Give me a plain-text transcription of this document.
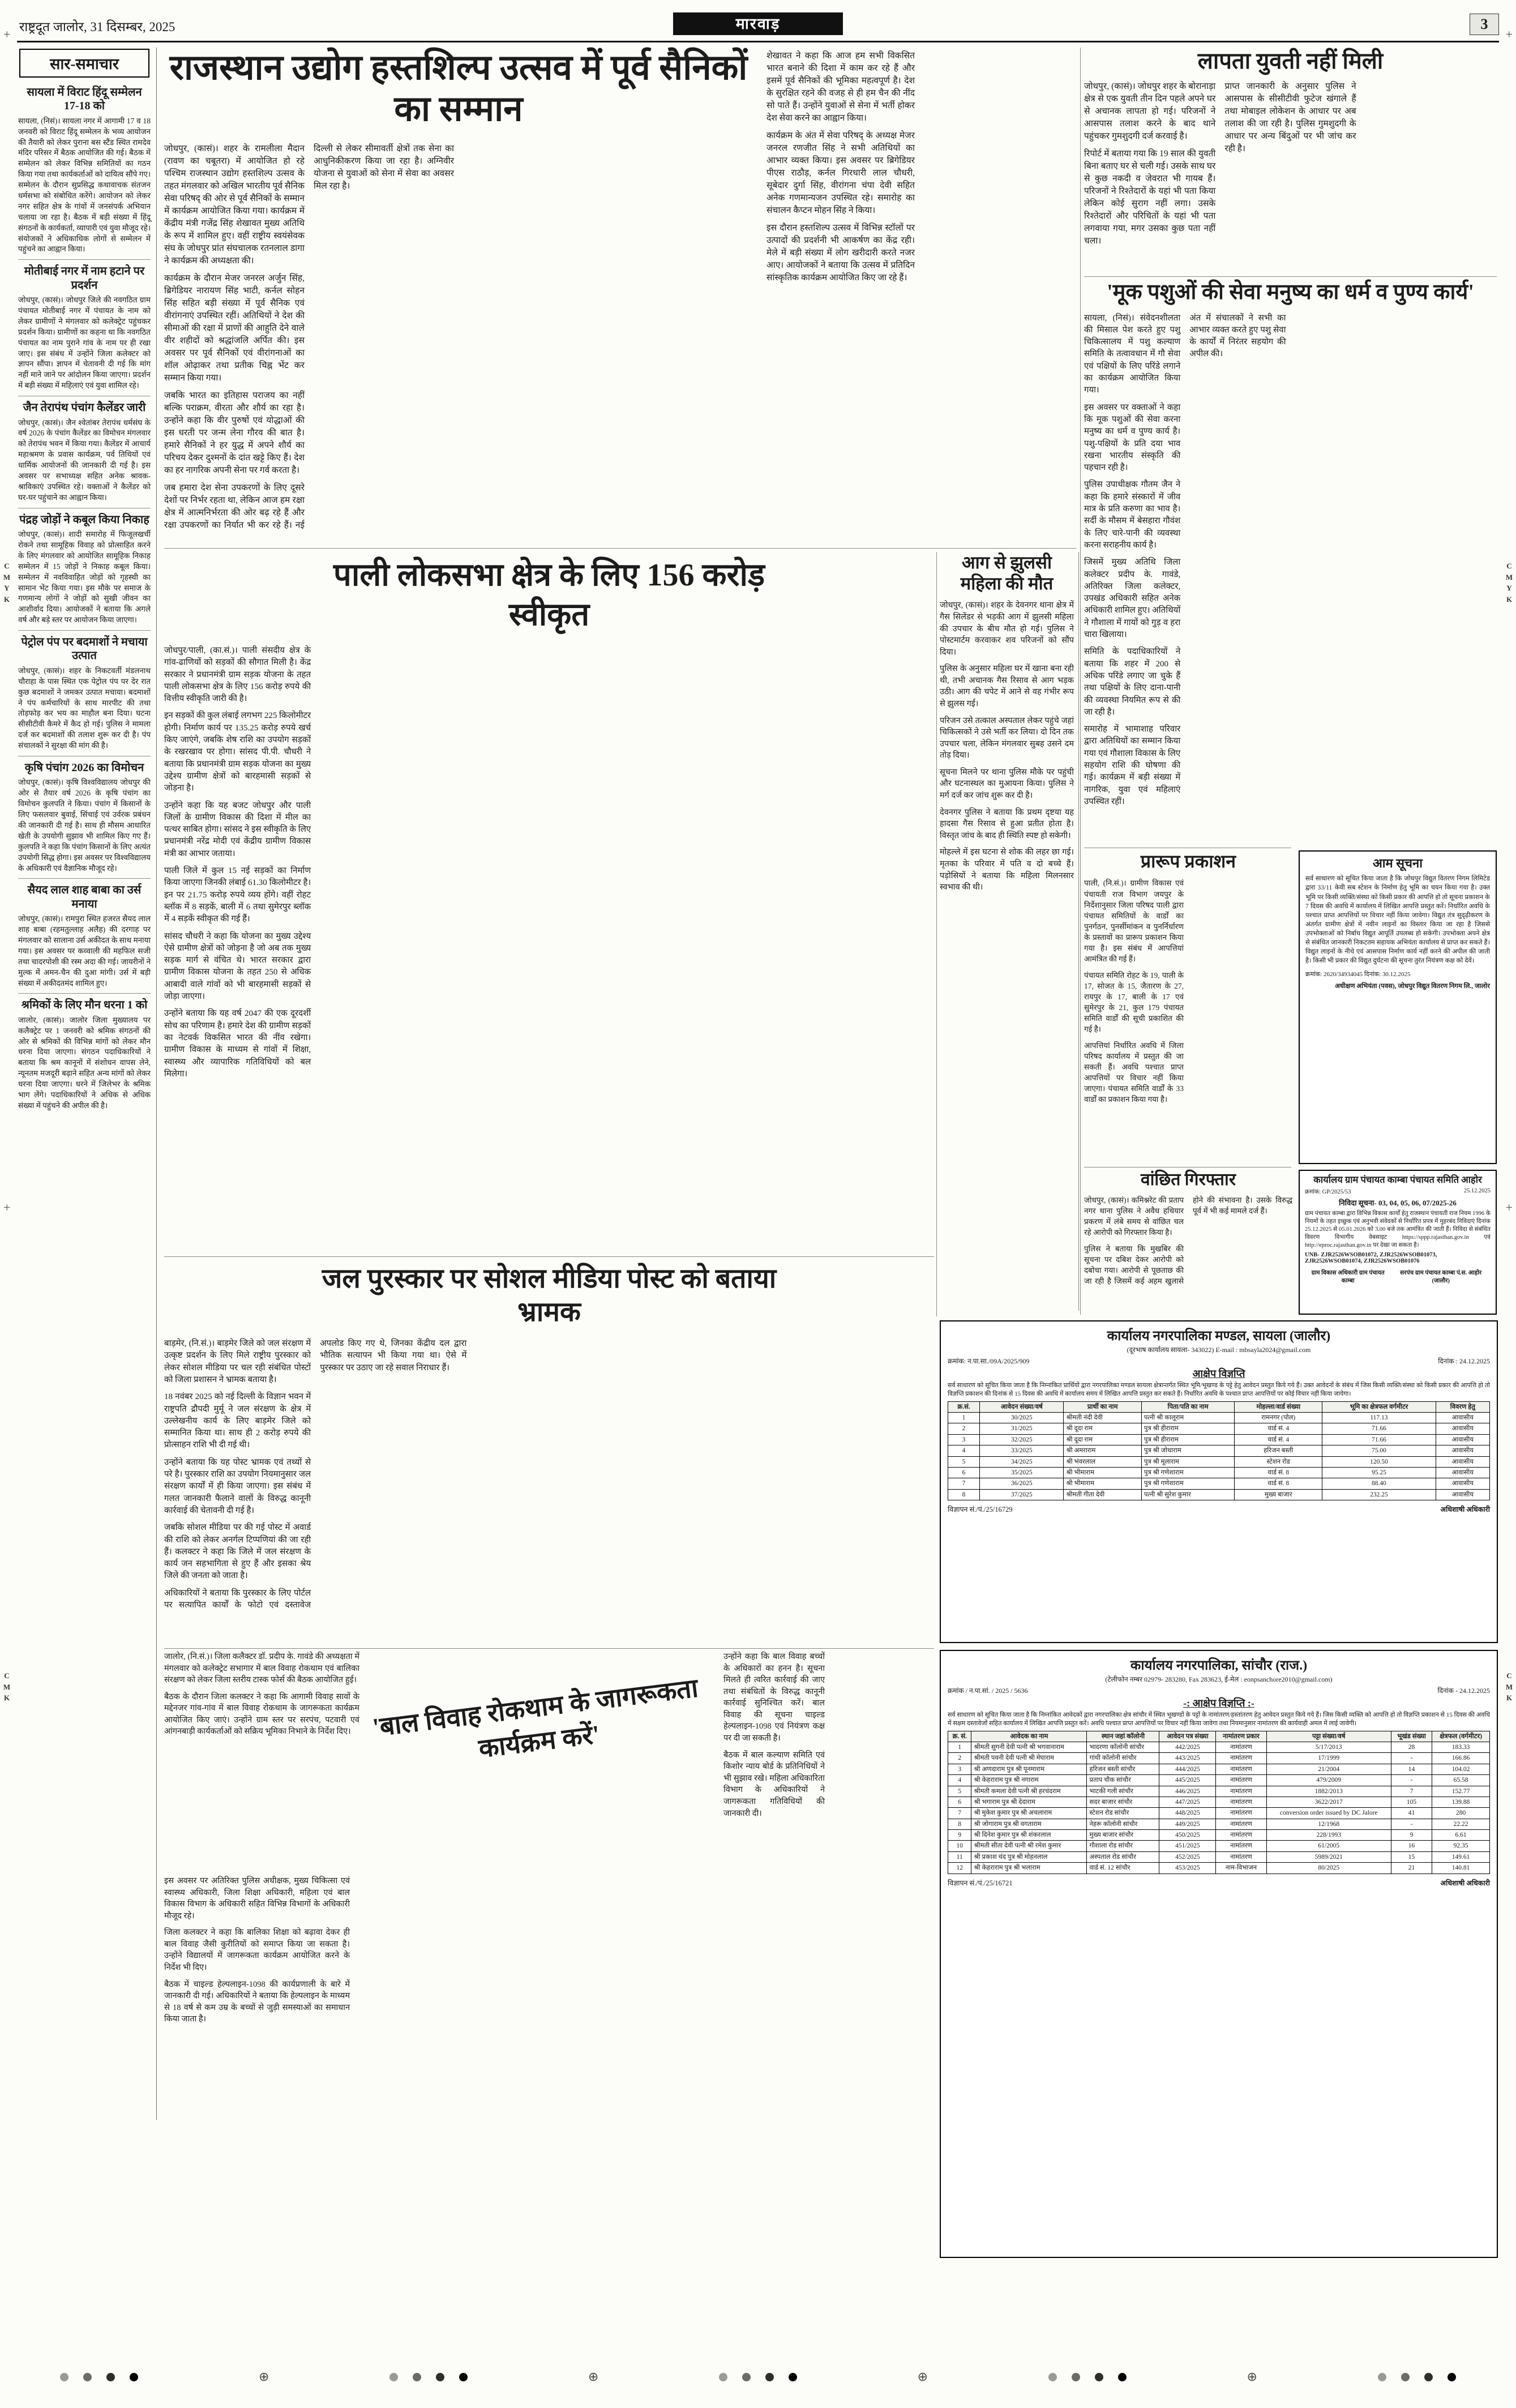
+	+
+	+
C
M
Y
K
C
M
Y
K
C
M
K
C
M
K
राष्ट्रदूत जालोर, 31 दिसम्बर, 2025	मारवाड़	3
सार-समाचार
सायला में विराट हिंदू सम्मेलन 17-18 को

सायला, (निसं)। सायला नगर में आगामी 17 व 18 जनवरी को विराट हिंदू सम्मेलन के भव्य आयोजन की तैयारी को लेकर पुराना बस स्टैंड स्थित रामदेव मंदिर परिसर में बैठक आयोजित की गई। बैठक में सम्मेलन को लेकर विभिन्न समितियों का गठन किया गया तथा कार्यकर्ताओं को दायित्व सौंपे गए। सम्मेलन के दौरान सुप्रसिद्ध कथावाचक संतजन धर्मसभा को संबोधित करेंगे। आयोजन को लेकर नगर सहित क्षेत्र के गांवों में जनसंपर्क अभियान चलाया जा रहा है। बैठक में बड़ी संख्या में हिंदू संगठनों के कार्यकर्ता, व्यापारी एवं युवा मौजूद रहे। संयोजकों ने अधिकाधिक लोगों से सम्मेलन में पहुंचने का आह्वान किया।

मोतीबाई नगर में नाम हटाने पर प्रदर्शन

जोधपुर, (कासं)। जोधपुर जिले की नवगठित ग्राम पंचायत मोतीबाई नगर में पंचायत के नाम को लेकर ग्रामीणों ने मंगलवार को कलेक्ट्रेट पहुंचकर प्रदर्शन किया। ग्रामीणों का कहना था कि नवगठित पंचायत का नाम पुराने गांव के नाम पर ही रखा जाए। इस संबंध में उन्होंने जिला कलेक्टर को ज्ञापन सौंपा। ज्ञापन में चेतावनी दी गई कि मांग नहीं माने जाने पर आंदोलन किया जाएगा। प्रदर्शन में बड़ी संख्या में महिलाएं एवं युवा शामिल रहे।

जैन तेरापंथ पंचांग कैलेंडर जारी

जोधपुर, (कासं)। जैन श्वेतांबर तेरापंथ धर्मसंघ के वर्ष 2026 के पंचांग कैलेंडर का विमोचन मंगलवार को तेरापंथ भवन में किया गया। कैलेंडर में आचार्य महाश्रमण के प्रवास कार्यक्रम, पर्व तिथियों एवं धार्मिक आयोजनों की जानकारी दी गई है। इस अवसर पर सभाध्यक्ष सहित अनेक श्रावक-श्राविकाएं उपस्थित रहे। वक्ताओं ने कैलेंडर को घर-घर पहुंचाने का आह्वान किया।

पंद्रह जोड़ों ने कबूल किया निकाह

जोधपुर, (कासं)। शादी समारोह में फिजूलखर्ची रोकने तथा सामूहिक विवाह को प्रोत्साहित करने के लिए मंगलवार को आयोजित सामूहिक निकाह सम्मेलन में 15 जोड़ों ने निकाह कबूल किया। सम्मेलन में नवविवाहित जोड़ों को गृहस्थी का सामान भेंट किया गया। इस मौके पर समाज के गणमान्य लोगों ने जोड़ों को सुखी जीवन का आशीर्वाद दिया। आयोजकों ने बताया कि अगले वर्ष और बड़े स्तर पर आयोजन किया जाएगा।

पेट्रोल पंप पर बदमाशों ने मचाया उत्पात

जोधपुर, (कासं)। शहर के निकटवर्ती मंडलनाथ चौराहा के पास स्थित एक पेट्रोल पंप पर देर रात कुछ बदमाशों ने जमकर उत्पात मचाया। बदमाशों ने पंप कर्मचारियों के साथ मारपीट की तथा तोड़फोड़ कर भय का माहौल बना दिया। घटना सीसीटीवी कैमरे में कैद हो गई। पुलिस ने मामला दर्ज कर बदमाशों की तलाश शुरू कर दी है। पंप संचालकों ने सुरक्षा की मांग की है।

कृषि पंचांग 2026 का विमोचन

जोधपुर, (कासं)। कृषि विश्वविद्यालय जोधपुर की ओर से तैयार वर्ष 2026 के कृषि पंचांग का विमोचन कुलपति ने किया। पंचांग में किसानों के लिए फसलवार बुवाई, सिंचाई एवं उर्वरक प्रबंधन की जानकारी दी गई है। साथ ही मौसम आधारित खेती के उपयोगी सुझाव भी शामिल किए गए हैं। कुलपति ने कहा कि पंचांग किसानों के लिए अत्यंत उपयोगी सिद्ध होगा। इस अवसर पर विश्वविद्यालय के अधिकारी एवं वैज्ञानिक मौजूद रहे।

सैयद लाल शाह बाबा का उर्स मनाया

जोधपुर, (कासं)। रामपुरा स्थित हजरत सैयद लाल शाह बाबा (रहमतुल्लाह अलैह) की दरगाह पर मंगलवार को सालाना उर्स अकीदत के साथ मनाया गया। इस अवसर पर कव्वाली की महफिल सजी तथा चादरपोशी की रस्म अदा की गई। जायरीनों ने मुल्क में अमन-चैन की दुआ मांगी। उर्स में बड़ी संख्या में अकीदतमंद शामिल हुए।

श्रमिकों के लिए मौन धरना 1 को

जालोर, (कासं)। जालोर जिला मुख्यालय पर कलैक्ट्रेट पर 1 जनवरी को श्रमिक संगठनों की ओर से श्रमिकों की विभिन्न मांगों को लेकर मौन धरना दिया जाएगा। संगठन पदाधिकारियों ने बताया कि श्रम कानूनों में संशोधन वापस लेने, न्यूनतम मजदूरी बढ़ाने सहित अन्य मांगों को लेकर धरना दिया जाएगा। धरने में जिलेभर के श्रमिक भाग लेंगे। पदाधिकारियों ने अधिक से अधिक संख्या में पहुंचने की अपील की है।

राजस्थान उद्योग हस्तशिल्प उत्सव में पूर्व सैनिकों का सम्मान

जोधपुर, (कासं)। शहर के रामलीला मैदान (रावण का चबूतरा) में आयोजित हो रहे पश्चिम राजस्थान उद्योग हस्तशिल्प उत्सव के तहत मंगलवार को अखिल भारतीय पूर्व सैनिक सेवा परिषद् की ओर से पूर्व सैनिकों के सम्मान में कार्यक्रम आयोजित किया गया। कार्यक्रम में केंद्रीय मंत्री गजेंद्र सिंह शेखावत मुख्य अतिथि के रूप में शामिल हुए। वहीं राष्ट्रीय स्वयंसेवक संघ के जोधपुर प्रांत संघचालक रतनलाल डागा ने कार्यक्रम की अध्यक्षता की।

कार्यक्रम के दौरान मेजर जनरल अर्जुन सिंह, ब्रिगेडियर नारायण सिंह भाटी, कर्नल सोहन सिंह सहित बड़ी संख्या में पूर्व सैनिक एवं वीरांगनाएं उपस्थित रहीं। अतिथियों ने देश की सीमाओं की रक्षा में प्राणों की आहुति देने वाले वीर शहीदों को श्रद्धांजलि अर्पित की। इस अवसर पर पूर्व सैनिकों एवं वीरांगनाओं का शॉल ओढ़ाकर तथा प्रतीक चिह्न भेंट कर सम्मान किया गया।

जबकि भारत का इतिहास पराजय का नहीं बल्कि पराक्रम, वीरता और शौर्य का रहा है। उन्होंने कहा कि वीर पुरुषों एवं योद्धाओं की इस धरती पर जन्म लेना गौरव की बात है। हमारे सैनिकों ने हर युद्ध में अपने शौर्य का परिचय देकर दुश्मनों के दांत खट्टे किए हैं। देश का हर नागरिक अपनी सेना पर गर्व करता है।

जब हमारा देश सेना उपकरणों के लिए दूसरे देशों पर निर्भर रहता था, लेकिन आज हम रक्षा क्षेत्र में आत्मनिर्भरता की ओर बढ़ रहे हैं और रक्षा उपकरणों का निर्यात भी कर रहे हैं। नई दिल्ली से लेकर सीमावर्ती क्षेत्रों तक सेना का आधुनिकीकरण किया जा रहा है। अग्निवीर योजना से युवाओं को सेना में सेवा का अवसर मिल रहा है।

शेखावत ने कहा कि आज हम सभी विकसित भारत बनाने की दिशा में काम कर रहे हैं और इसमें पूर्व सैनिकों की भूमिका महत्वपूर्ण है। देश के सुरक्षित रहने की वजह से ही हम चैन की नींद सो पाते हैं। उन्होंने युवाओं से सेना में भर्ती होकर देश सेवा करने का आह्वान किया।

कार्यक्रम के अंत में सेवा परिषद् के अध्यक्ष मेजर जनरल रणजीत सिंह ने सभी अतिथियों का आभार व्यक्त किया। इस अवसर पर ब्रिगेडियर पीएस राठौड़, कर्नल गिरधारी लाल चौधरी, सूबेदार दुर्गा सिंह, वीरांगना चंपा देवी सहित अनेक गणमान्यजन उपस्थित रहे। समारोह का संचालन कैप्टन मोहन सिंह ने किया।

इस दौरान हस्तशिल्प उत्सव में विभिन्न स्टॉलों पर उत्पादों की प्रदर्शनी भी आकर्षण का केंद्र रही। मेले में बड़ी संख्या में लोग खरीदारी करते नजर आए। आयोजकों ने बताया कि उत्सव में प्रतिदिन सांस्कृतिक कार्यक्रम आयोजित किए जा रहे हैं।

लापता युवती नहीं मिली

जोधपुर, (कासं)। जोधपुर शहर के बोरानाड़ा क्षेत्र से एक युवती तीन दिन पहले अपने घर से अचानक लापता हो गई। परिजनों ने आसपास तलाश करने के बाद थाने पहुंचकर गुमशुदगी दर्ज करवाई है।

रिपोर्ट में बताया गया कि 19 साल की युवती बिना बताए घर से चली गई। उसके साथ घर से कुछ नकदी व जेवरात भी गायब हैं। परिजनों ने रिश्तेदारों के यहां भी पता किया लेकिन कोई सुराग नहीं लगा। उसके रिश्तेदारों और परिचितों के यहां भी पता लगवाया गया, मगर उसका कुछ पता नहीं चला।

प्राप्त जानकारी के अनुसार पुलिस ने आसपास के सीसीटीवी फुटेज खंगाले हैं तथा मोबाइल लोकेशन के आधार पर अब तलाश की जा रही है। पुलिस गुमशुदगी के आधार पर अन्य बिंदुओं पर भी जांच कर रही है।

'मूक पशुओं की सेवा मनुष्य का धर्म व पुण्य कार्य'

सायला, (निसं)। संवेदनशीलता की मिसाल पेश करते हुए पशु चिकित्सालय में पशु कल्याण समिति के तत्वावधान में गौ सेवा एवं पक्षियों के लिए परिंडे लगाने का कार्यक्रम आयोजित किया गया।

इस अवसर पर वक्ताओं ने कहा कि मूक पशुओं की सेवा करना मनुष्य का धर्म व पुण्य कार्य है। पशु-पक्षियों के प्रति दया भाव रखना भारतीय संस्कृति की पहचान रही है।

पुलिस उपाधीक्षक गौतम जैन ने कहा कि हमारे संस्कारों में जीव मात्र के प्रति करुणा का भाव है। सर्दी के मौसम में बेसहारा गौवंश के लिए चारे-पानी की व्यवस्था करना सराहनीय कार्य है।

जिसमें मुख्य अतिथि जिला कलेक्टर प्रदीप के. गावंडे, अतिरिक्त जिला कलेक्टर, उपखंड अधिकारी सहित अनेक अधिकारी शामिल हुए। अतिथियों ने गौशाला में गायों को गुड़ व हरा चारा खिलाया।

समिति के पदाधिकारियों ने बताया कि शहर में 200 से अधिक परिंडे लगाए जा चुके हैं तथा पक्षियों के लिए दाना-पानी की व्यवस्था नियमित रूप से की जा रही है।

समारोह में भामाशाह परिवार द्वारा अतिथियों का सम्मान किया गया एवं गौशाला विकास के लिए सहयोग राशि की घोषणा की गई। कार्यक्रम में बड़ी संख्या में नागरिक, युवा एवं महिलाएं उपस्थित रहीं।

अंत में संचालकों ने सभी का आभार व्यक्त करते हुए पशु सेवा के कार्यों में निरंतर सहयोग की अपील की।

आग से झुलसी महिला की मौत

जोधपुर, (कासं)। शहर के देवनगर थाना क्षेत्र में गैस सिलेंडर से भड़की आग में झुलसी महिला की उपचार के बीच मौत हो गई। पुलिस ने पोस्टमार्टम करवाकर शव परिजनों को सौंप दिया।

पुलिस के अनुसार महिला घर में खाना बना रही थी, तभी अचानक गैस रिसाव से आग भड़क उठी। आग की चपेट में आने से वह गंभीर रूप से झुलस गई।

परिजन उसे तत्काल अस्पताल लेकर पहुंचे जहां चिकित्सकों ने उसे भर्ती कर लिया। दो दिन तक उपचार चला, लेकिन मंगलवार सुबह उसने दम तोड़ दिया।

सूचना मिलने पर थाना पुलिस मौके पर पहुंची और घटनास्थल का मुआयना किया। पुलिस ने मर्ग दर्ज कर जांच शुरू कर दी है।

देवनगर पुलिस ने बताया कि प्रथम दृष्टया यह हादसा गैस रिसाव से हुआ प्रतीत होता है। विस्तृत जांच के बाद ही स्थिति स्पष्ट हो सकेगी।

मोहल्ले में इस घटना से शोक की लहर छा गई। मृतका के परिवार में पति व दो बच्चे हैं। पड़ोसियों ने बताया कि महिला मिलनसार स्वभाव की थी।

पाली लोकसभा क्षेत्र के लिए 156 करोड़ स्वीकृत

जोधपुर/पाली, (का.सं.)। पाली संसदीय क्षेत्र के गांव-ढाणियों को सड़कों की सौगात मिली है। केंद्र सरकार ने प्रधानमंत्री ग्राम सड़क योजना के तहत पाली लोकसभा क्षेत्र के लिए 156 करोड़ रुपये की वित्तीय स्वीकृति जारी की है।

इन सड़कों की कुल लंबाई लगभग 225 किलोमीटर होगी। निर्माण कार्य पर 135.25 करोड़ रुपये खर्च किए जाएंगे, जबकि शेष राशि का उपयोग सड़कों के रखरखाव पर होगा। सांसद पी.पी. चौधरी ने बताया कि प्रधानमंत्री ग्राम सड़क योजना का मुख्य उद्देश्य ग्रामीण क्षेत्रों को बारहमासी सड़कों से जोड़ना है।

उन्होंने कहा कि यह बजट जोधपुर और पाली जिलों के ग्रामीण विकास की दिशा में मील का पत्थर साबित होगा। सांसद ने इस स्वीकृति के लिए प्रधानमंत्री नरेंद्र मोदी एवं केंद्रीय ग्रामीण विकास मंत्री का आभार जताया।

पाली जिले में कुल 15 नई सड़कों का निर्माण किया जाएगा जिनकी लंबाई 61.30 किलोमीटर है। इन पर 21.75 करोड़ रुपये व्यय होंगे। वहीं रोहट ब्लॉक में 8 सड़कें, बाली में 6 तथा सुमेरपुर ब्लॉक में 4 सड़कें स्वीकृत की गई हैं।

सांसद चौधरी ने कहा कि योजना का मुख्य उद्देश्य ऐसे ग्रामीण क्षेत्रों को जोड़ना है जो अब तक मुख्य सड़क मार्ग से वंचित थे। भारत सरकार द्वारा ग्रामीण विकास योजना के तहत 250 से अधिक आबादी वाले गांवों को भी बारहमासी सड़कों से जोड़ा जाएगा।

उन्होंने बताया कि यह वर्ष 2047 की एक दूरदर्शी सोच का परिणाम है। हमारे देश की ग्रामीण सड़कों का नेटवर्क विकसित भारत की नींव रखेगा। ग्रामीण विकास के माध्यम से गांवों में शिक्षा, स्वास्थ्य और व्यापारिक गतिविधियों को बल मिलेगा।

जल पुरस्कार पर सोशल मीडिया पोस्ट को बताया भ्रामक

बाड़मेर, (नि.सं.)। बाड़मेर जिले को जल संरक्षण में उत्कृष्ट प्रदर्शन के लिए मिले राष्ट्रीय पुरस्कार को लेकर सोशल मीडिया पर चल रही संबंधित पोस्टों को जिला प्रशासन ने भ्रामक बताया है।

18 नवंबर 2025 को नई दिल्ली के विज्ञान भवन में राष्ट्रपति द्रौपदी मुर्मू ने जल संरक्षण के क्षेत्र में उल्लेखनीय कार्य के लिए बाड़मेर जिले को सम्मानित किया था। साथ ही 2 करोड़ रुपये की प्रोत्साहन राशि भी दी गई थी।

उन्होंने बताया कि यह पोस्ट भ्रामक एवं तथ्यों से परे है। पुरस्कार राशि का उपयोग नियमानुसार जल संरक्षण कार्यों में ही किया जाएगा। इस संबंध में गलत जानकारी फैलाने वालों के विरुद्ध कानूनी कार्रवाई की चेतावनी दी गई है।

जबकि सोशल मीडिया पर की गई पोस्ट में अवार्ड की राशि को लेकर अनर्गल टिप्पणियां की जा रही हैं। कलक्टर ने कहा कि जिले में जल संरक्षण के कार्य जन सहभागिता से हुए हैं और इसका श्रेय जिले की जनता को जाता है।

अधिकारियों ने बताया कि पुरस्कार के लिए पोर्टल पर सत्यापित कार्यों के फोटो एवं दस्तावेज अपलोड किए गए थे, जिनका केंद्रीय दल द्वारा भौतिक सत्यापन भी किया गया था। ऐसे में पुरस्कार पर उठाए जा रहे सवाल निराधार हैं।

जालोर, (नि.सं.)। जिला कलैक्टर डॉ. प्रदीप के. गावंडे की अध्यक्षता में मंगलवार को कलेक्ट्रेट सभागार में बाल विवाह रोकथाम एवं बालिका संरक्षण को लेकर जिला स्तरीय टास्क फोर्स की बैठक आयोजित हुई।

बैठक के दौरान जिला कलक्टर ने कहा कि आगामी विवाह सावों के मद्देनजर गांव-गांव में बाल विवाह रोकथाम के जागरूकता कार्यक्रम आयोजित किए जाएं। उन्होंने ग्राम स्तर पर सरपंच, पटवारी एवं आंगनबाड़ी कार्यकर्ताओं को सक्रिय भूमिका निभाने के निर्देश दिए। 'बाल विवाह रोकथाम के जागरूकता कार्यक्रम करें'

उन्होंने कहा कि बाल विवाह बच्चों के अधिकारों का हनन है। सूचना मिलते ही त्वरित कार्रवाई की जाए तथा संबंधितों के विरुद्ध कानूनी कार्रवाई सुनिश्चित करें। बाल विवाह की सूचना चाइल्ड हेल्पलाइन-1098 एवं नियंत्रण कक्ष पर दी जा सकती है।

बैठक में बाल कल्याण समिति एवं किशोर न्याय बोर्ड के प्रतिनिधियों ने भी सुझाव रखे। महिला अधिकारिता विभाग के अधिकारियों ने जागरूकता गतिविधियों की जानकारी दी।

इस अवसर पर अतिरिक्त पुलिस अधीक्षक, मुख्य चिकित्सा एवं स्वास्थ्य अधिकारी, जिला शिक्षा अधिकारी, महिला एवं बाल विकास विभाग के अधिकारी सहित विभिन्न विभागों के अधिकारी मौजूद रहे।

जिला कलक्टर ने कहा कि बालिका शिक्षा को बढ़ावा देकर ही बाल विवाह जैसी कुरीतियों को समाप्त किया जा सकता है। उन्होंने विद्यालयों में जागरूकता कार्यक्रम आयोजित करने के निर्देश भी दिए।

बैठक में चाइल्ड हेल्पलाइन-1098 की कार्यप्रणाली के बारे में जानकारी दी गई। अधिकारियों ने बताया कि हेल्पलाइन के माध्यम से 18 वर्ष से कम उम्र के बच्चों से जुड़ी समस्याओं का समाधान किया जाता है।

प्रारूप प्रकाशन

पाली, (नि.सं.)। ग्रामीण विकास एवं पंचायती राज विभाग जयपुर के निर्देशानुसार जिला परिषद पाली द्वारा पंचायत समितियों के वार्डों का पुनर्गठन, पुनर्सीमांकन व पुनर्निर्धारण के प्रस्तावों का प्रारूप प्रकाशन किया गया है। इस संबंध में आपत्तियां आमंत्रित की गई हैं।

पंचायत समिति रोहट के 19, पाली के 17, सोजत के 15, जैतारण के 27, रायपुर के 17, बाली के 17 एवं सुमेरपुर के 21, कुल 179 पंचायत समिति वार्डों की सूची प्रकाशित की गई है।

आपत्तियां निर्धारित अवधि में जिला परिषद कार्यालय में प्रस्तुत की जा सकती हैं। अवधि पश्चात प्राप्त आपत्तियों पर विचार नहीं किया जाएगा। पंचायत समिति वार्डों के 33 वार्डों का प्रकाशन किया गया है।

वांछित गिरफ्तार

जोधपुर, (कासं)। कमिश्नरेट की प्रताप नगर थाना पुलिस ने अवैध हथियार प्रकरण में लंबे समय से वांछित चल रहे आरोपी को गिरफ्तार किया है।

पुलिस ने बताया कि मुखबिर की सूचना पर दबिश देकर आरोपी को दबोचा गया। आरोपी से पूछताछ की जा रही है जिसमें कई अहम खुलासे होने की संभावना है। उसके विरुद्ध पूर्व में भी कई मामले दर्ज हैं।

आम सूचना

सर्व साधारण को सूचित किया जाता है कि जोधपुर विद्युत वितरण निगम लिमिटेड द्वारा 33/11 केवी सब स्टेशन के निर्माण हेतु भूमि का चयन किया गया है। उक्त भूमि पर किसी व्यक्ति/संस्था को किसी प्रकार की आपत्ति हो तो सूचना प्रकाशन के 7 दिवस की अवधि में कार्यालय में लिखित आपत्ति प्रस्तुत करें। निर्धारित अवधि के पश्चात प्राप्त आपत्तियों पर विचार नहीं किया जावेगा। विद्युत तंत्र सुदृढ़ीकरण के अंतर्गत ग्रामीण क्षेत्रों में नवीन लाइनों का विस्तार किया जा रहा है जिससे उपभोक्ताओं को निर्बाध विद्युत आपूर्ति उपलब्ध हो सकेगी। उपभोक्ता अपने क्षेत्र से संबंधित जानकारी निकटतम सहायक अभियंता कार्यालय से प्राप्त कर सकते हैं। विद्युत लाइनों के नीचे एवं आसपास निर्माण कार्य नहीं करने की अपील की जाती है। किसी भी प्रकार की विद्युत दुर्घटना की सूचना तुरंत नियंत्रण कक्ष को देवें।

क्रमांक: 2620/34934045 दिनांक: 30.12.2025
अधीक्षण अभियंता (पवस), जोधपुर विद्युत वितरण निगम लि., जालोर
कार्यालय ग्राम पंचायत काम्बा पंचायत समिति आहोर
क्रमांक: GP/2025/53	25.12.2025
निविदा सूचना- 03, 04, 05, 06, 07/2025-26

ग्राम पंचायत काम्बा द्वारा विभिन्न विकास कार्यों हेतु राजस्थान पंचायती राज नियम 1996 के नियमों के तहत इच्छुक एवं अनुभवी संवेदकों से निर्धारित प्रपत्र में मुहरबंद निविदाएं दिनांक 25.12.2025 से 05.01.2026 को 3.00 बजे तक आमंत्रित की जाती हैं। निविदा से संबंधित विवरण विभागीय वेबसाइट https://sppp.rajasthan.gov.in एवं http://eproc.rajasthan.gov.in पर देखा जा सकता है।

UNB- ZJR2526WSOB01072, ZJR2526WSOB01073, ZJR2526WSOB01074, ZJR2526WSOB01076
ग्राम विकास अधिकारी ग्राम पंचायत काम्बा
सरपंच ग्राम पंचायत काम्बा पं.स. आहोर (जालौर)
कार्यालय नगरपालिका मण्डल, सायला (जालौर)
(दूरभाष कार्यालय सायला- 343022) E-mail : mbsayla2024@gmail.com
क्रमांक: न.पा.सा./09A/2025/909	दिनांक : 24.12.2025
आक्षेप विज्ञप्ति

सर्व साधारण को सूचित किया जाता है कि निम्नांकित प्रार्थियों द्वारा नगरपालिका मण्डल सायला क्षेत्रान्तर्गत स्थित भूमि/भूखण्ड के पट्टे हेतु आवेदन प्रस्तुत किये गये हैं। उक्त आवेदनों के संबंध में जिस किसी व्यक्ति/संस्था को किसी प्रकार की आपत्ति हो तो विज्ञप्ति प्रकाशन की दिनांक से 15 दिवस की अवधि में कार्यालय समय में लिखित आपत्ति प्रस्तुत कर सकते हैं। निर्धारित अवधि के पश्चात प्राप्त आपत्तियों पर कोई विचार नहीं किया जायेगा।

क्र.सं.	आवेदन संख्या/वर्ष	प्रार्थी का नाम	पिता/पति का नाम	मोहल्ला/वार्ड संख्या	भूमि का क्षेत्रफल वर्गमीटर	विवरण हेतु
1	30/2025	श्रीमती नंदी देवी	पत्नी श्री कालूराम	रामनगर (पोल)	117.13	आवासीय
2	31/2025	श्री दूदा राम	पुत्र श्री हीराराम	वार्ड सं. 4	71.66	आवासीय
3	32/2025	श्री दूदा राम	पुत्र श्री हीराराम	वार्ड सं. 4	71.66	आवासीय
4	33/2025	श्री अमराराम	पुत्र श्री जोधाराम	हरिजन बस्ती	75.00	आवासीय
5	34/2025	श्री भंवरलाल	पुत्र श्री मूलाराम	स्टेशन रोड	120.50	आवासीय
6	35/2025	श्री भीमाराम	पुत्र श्री गणेशाराम	वार्ड सं. 8	95.25	आवासीय
7	36/2025	श्री भीमाराम	पुत्र श्री गणेशाराम	वार्ड सं. 8	88.40	आवासीय
8	37/2025	श्रीमती गीता देवी	पत्नी श्री सुरेश कुमार	मुख्य बाजार	232.25	आवासीय
विज्ञापन सं./पं./25/16729	अधिशाषी अधिकारी
कार्यालय नगरपालिका, सांचौर (राज.)
(टेलीफोन नम्बर 02979- 283280, Fax 283623, ई-मेल : eonpsanchore2010@gmail.com)
क्रमांक / न.पा.सां. / 2025 / 5636	दिनांक - 24.12.2025
-: आक्षेप विज्ञप्ति :-

सर्व साधारण को सूचित किया जाता है कि निम्नांकित आवेदकों द्वारा नगरपालिका क्षेत्र सांचौर में स्थित भूखण्डों के पट्टों के नामांतरण/हस्तांतरण हेतु आवेदन प्रस्तुत किये गये हैं। जिस किसी व्यक्ति को आपत्ति हो तो विज्ञप्ति प्रकाशन से 15 दिवस की अवधि में सक्षम दस्तावेजों सहित कार्यालय में लिखित आपत्ति प्रस्तुत करें। अवधि पश्चात प्राप्त आपत्तियों पर विचार नहीं किया जावेगा तथा नियमानुसार नामांतरण की कार्यवाही अमल में लाई जावेगी।

क्र. सं.	आवेदक का नाम	स्थान जहां कॉलोनी	आवेदन पत्र संख्या	नामांतरण प्रकार	पट्टा संख्या/वर्ष	भूखंड संख्या	क्षेत्रफल (वर्गमीटर)
1	श्रीमती सुगनी देवी पत्नी श्री भगवानाराम	भादरणा कॉलोनी सांचौर	442/2025	नामांतरण	5/17/2013	28	183.33
2	श्रीमती पवनी देवी पत्नी श्री मेघाराम	गांधी कॉलोनी सांचौर	443/2025	नामांतरण	17/1999	-	166.86
3	श्री अणदाराम पुत्र श्री पूनमाराम	हरिजन बस्ती सांचौर	444/2025	नामांतरण	21/2004	14	104.02
4	श्री केहराराम पुत्र श्री नगाराम	प्रताप चौक सांचौर	445/2025	नामांतरण	479/2009	-	65.58
5	श्रीमती कमला देवी पत्नी श्री हरचंदराम	भाटकी गली सांचौर	446/2025	नामांतरण	1882/2013	7	152.77
6	श्री भगाराम पुत्र श्री देदाराम	सदर बाजार सांचौर	447/2025	नामांतरण	3622/2017	105	139.88
7	श्री मुकेश कुमार पुत्र श्री अचलाराम	स्टेशन रोड सांचौर	448/2025	नामांतरण	conversion order issued by DC Jalore	41	280
8	श्री जोगाराम पुत्र श्री वगताराम	नेहरू कॉलोनी सांचौर	449/2025	नामांतरण	12/1968	-	22.22
9	श्री दिनेश कुमार पुत्र श्री शंकरलाल	मुख्य बाजार सांचौर	450/2025	नामांतरण	228/1993	9	6.61
10	श्रीमती सीता देवी पत्नी श्री रमेश कुमार	गौशाला रोड सांचौर	451/2025	नामांतरण	61/2005	16	92.35
11	श्री प्रकाश चंद पुत्र श्री मोहनलाल	अस्पताल रोड सांचौर	452/2025	नामांतरण	5989/2021	15	149.61
12	श्री केहराराम पुत्र श्री भलाराम	वार्ड सं. 12 सांचौर	453/2025	नाम-विभाजन	80/2025	21	140.81
विज्ञापन सं./पं./25/16721	अधिशाषी अधिकारी
⊕	⊕	⊕	⊕
